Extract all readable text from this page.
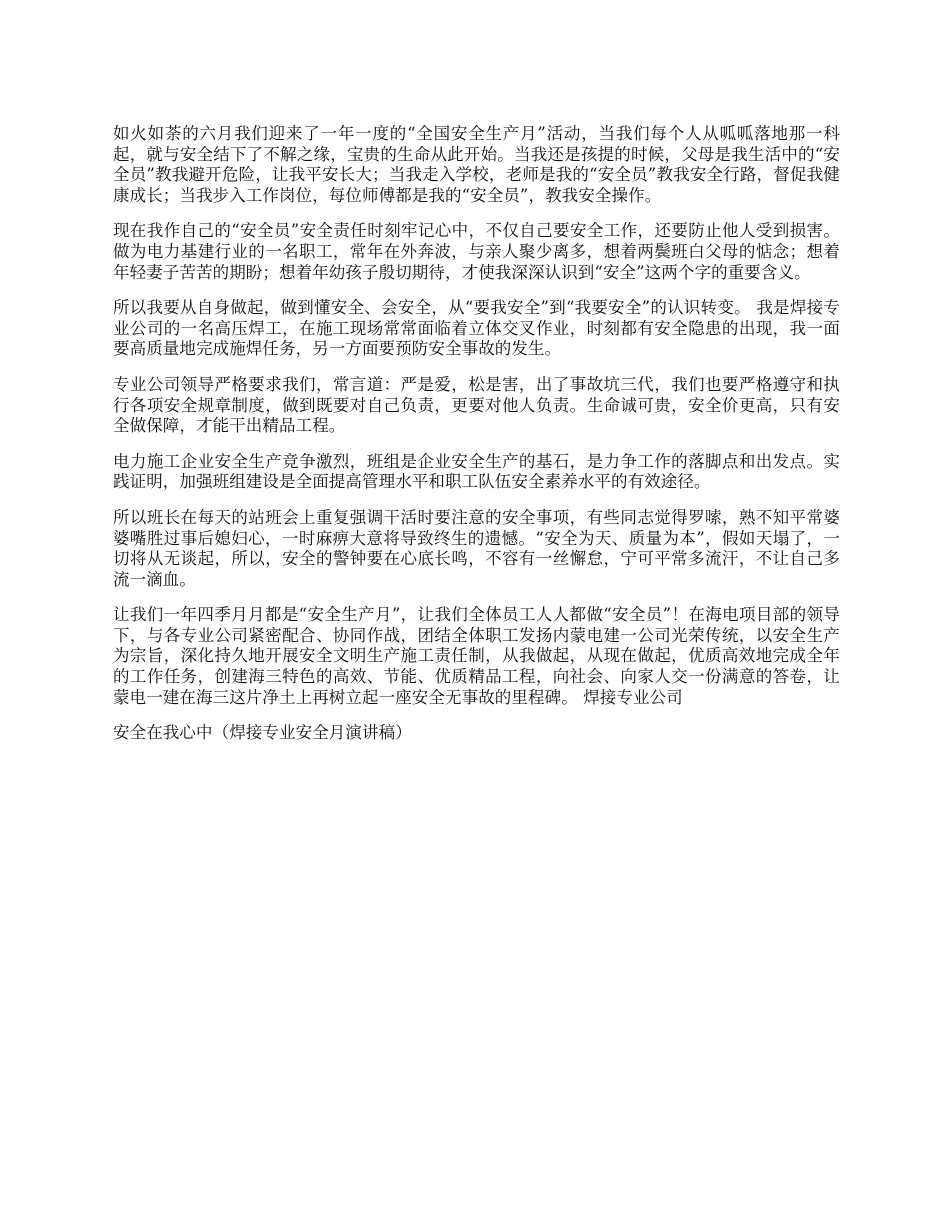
如火如荼的六月我们迎来了一年一度的“全国安全生产月”活动，当我们每个人从呱呱落地那一科起，就与安全结下了不解之缘，宝贵的生命从此开始。当我还是孩提的时候，父母是我生活中的“安全员”教我避开危险，让我平安长大；当我走入学校，老师是我的“安全员”教我安全行路，督促我健康成长；当我步入工作岗位，每位师傅都是我的“安全员”，教我安全操作。

现在我作自己的“安全员”安全责任时刻牢记心中，不仅自己要安全工作，还要防止他人受到损害。 做为电力基建行业的一名职工，常年在外奔波，与亲人聚少离多，想着两鬓班白父母的惦念；想着年轻妻子苦苦的期盼；想着年幼孩子殷切期待，才使我深深认识到“安全”这两个字的重要含义。

所以我要从自身做起，做到懂安全、会安全，从“要我安全”到“我要安全”的认识转变。 我是焊接专业公司的一名高压焊工，在施工现场常常面临着立体交叉作业，时刻都有安全隐患的出现，我一面要高质量地完成施焊任务，另一方面要预防安全事故的发生。

专业公司领导严格要求我们，常言道：严是爱，松是害，出了事故坑三代，我们也要严格遵守和执行各项安全规章制度，做到既要对自己负责，更要对他人负责。生命诚可贵，安全价更高，只有安全做保障，才能干出精品工程。

电力施工企业安全生产竞争激烈，班组是企业安全生产的基石，是力争工作的落脚点和出发点。实践证明，加强班组建设是全面提高管理水平和职工队伍安全素养水平的有效途径。

所以班长在每天的站班会上重复强调干活时要注意的安全事项，有些同志觉得罗嗦，熟不知平常婆婆嘴胜过事后媳妇心，一时麻痹大意将导致终生的遗憾。“安全为天、质量为本”，假如天塌了，一切将从无谈起，所以，安全的警钟要在心底长鸣，不容有一丝懈怠，宁可平常多流汗，不让自己多流一滴血。

让我们一年四季月月都是“安全生产月”，让我们全体员工人人都做“安全员”！在海电项目部的领导下，与各专业公司紧密配合、协同作战，团结全体职工发扬内蒙电建一公司光荣传统，以安全生产为宗旨，深化持久地开展安全文明生产施工责任制，从我做起，从现在做起，优质高效地完成全年的工作任务，创建海三特色的高效、节能、优质精品工程，向社会、向家人交一份满意的答卷，让蒙电一建在海三这片净土上再树立起一座安全无事故的里程碑。 焊接专业公司

安全在我心中（焊接专业安全月演讲稿）
